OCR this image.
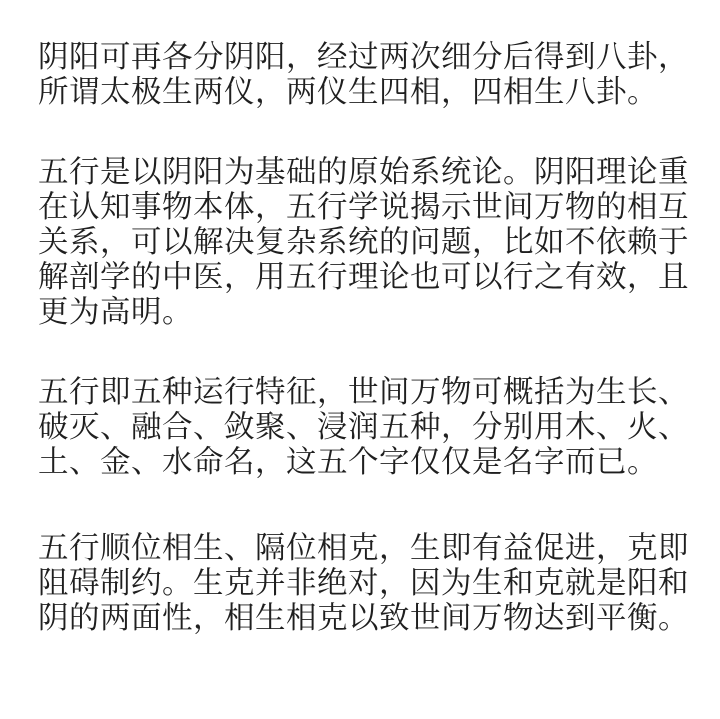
阴阳可再各分阴阳，经过两次细分后得到八卦，
所谓太极生两仪，两仪生四相，四相生八卦。
五行是以阴阳为基础的原始系统论。阴阳理论重
在认知事物本体，五行学说揭示世间万物的相互
关系，可以解决复杂系统的问题，比如不依赖于
解剖学的中医，用五行理论也可以行之有效，且
更为高明。
五行即五种运行特征，世间万物可概括为生长、
破灭、融合、敛聚、浸润五种，分别用木、火、
土、金、水命名，这五个字仅仅是名字而已。
五行顺位相生、隔位相克，生即有益促进，克即
阻碍制约。生克并非绝对，因为生和克就是阳和
阴的两面性，相生相克以致世间万物达到平衡。
